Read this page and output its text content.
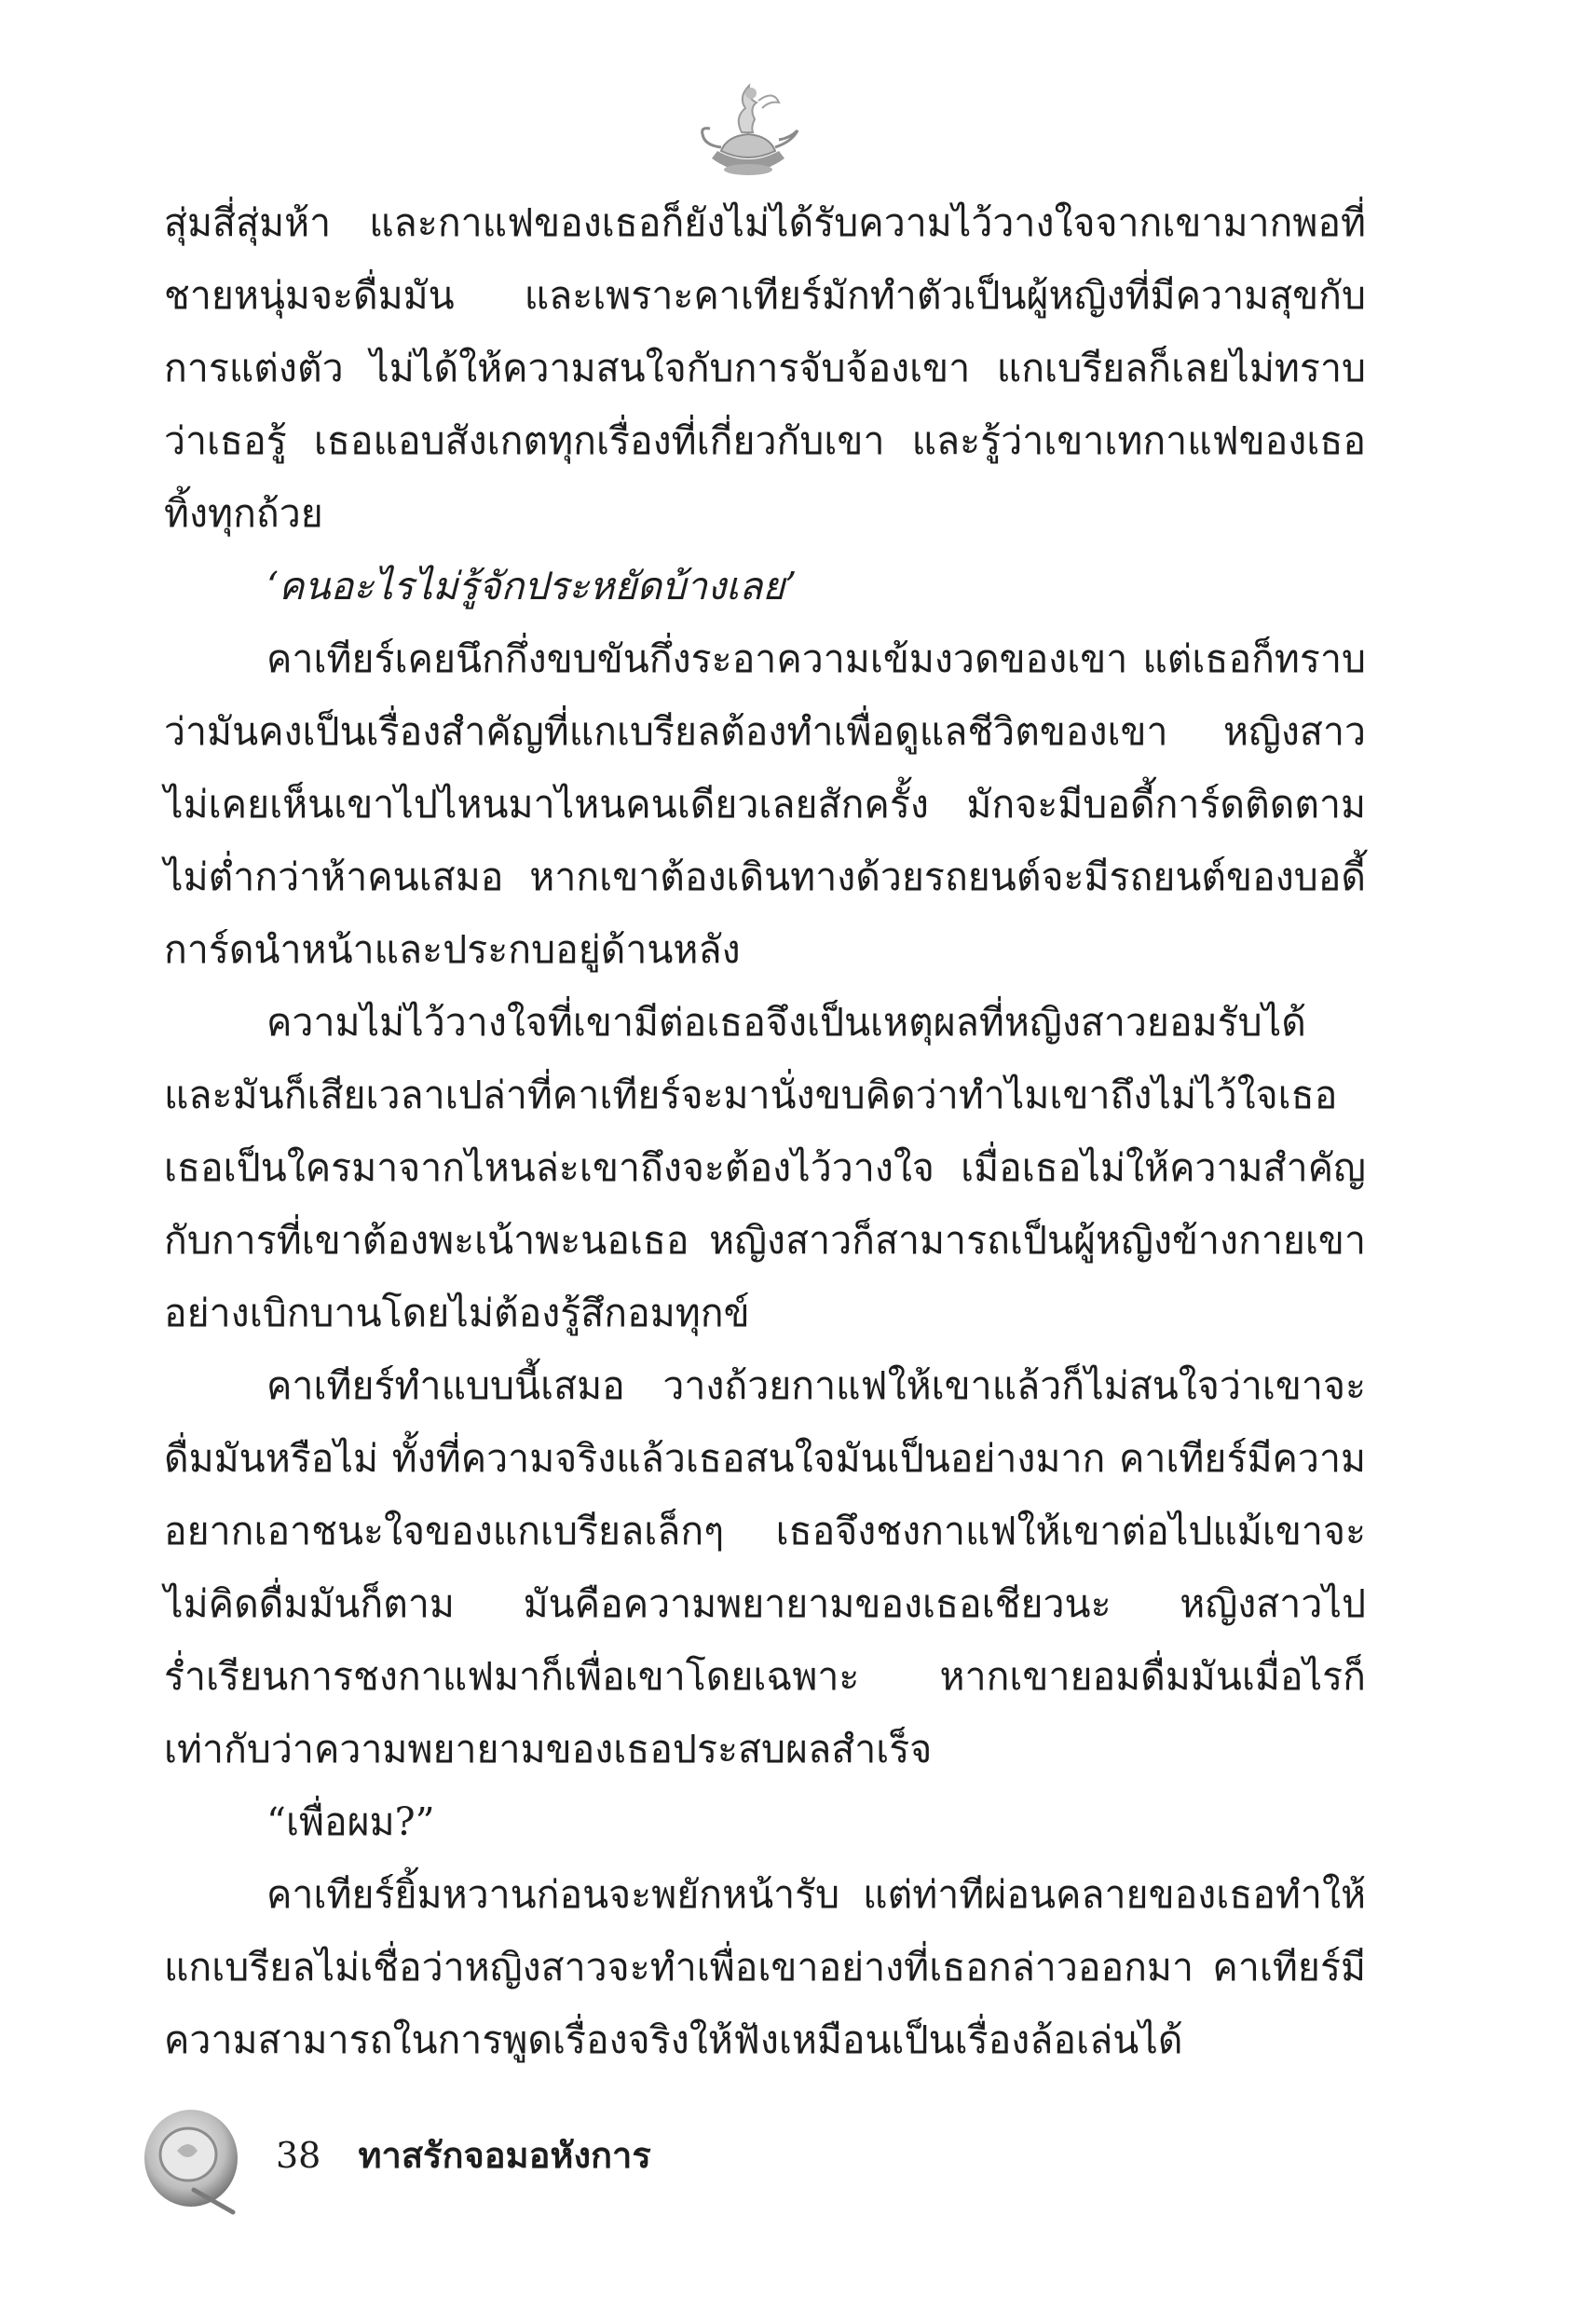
สุ่มสี่สุ่มห้า และกาแฟของเธอก็ยังไม่ได้รับความไว้วางใจจากเขามากพอที่ชายหนุ่มจะดื่มมัน และเพราะคาเทียร์มักทำตัวเป็นผู้หญิงที่มีความสุขกับการแต่งตัว ไม่ได้ให้ความสนใจกับการจับจ้องเขา แกเบรียลก็เลยไม่ทราบว่าเธอรู้ เธอแอบสังเกตทุกเรื่องที่เกี่ยวกับเขา และรู้ว่าเขาเทกาแฟของเธอทิ้งทุกถ้วย

‘คนอะไรไม่รู้จักประหยัดบ้างเลย’

คาเทียร์เคยนึกกึ่งขบขันกึ่งระอาความเข้มงวดของเขา แต่เธอก็ทราบว่ามันคงเป็นเรื่องสำคัญที่แกเบรียลต้องทำเพื่อดูแลชีวิตของเขา หญิงสาวไม่เคยเห็นเขาไปไหนมาไหนคนเดียวเลยสักครั้ง มักจะมีบอดี้การ์ดติดตามไม่ต่ำกว่าห้าคนเสมอ หากเขาต้องเดินทางด้วยรถยนต์จะมีรถยนต์ของบอดี้การ์ดนำหน้าและประกบอยู่ด้านหลัง

ความไม่ไว้วางใจที่เขามีต่อเธอจึงเป็นเหตุผลที่หญิงสาวยอมรับได้ และมันก็เสียเวลาเปล่าที่คาเทียร์จะมานั่งขบคิดว่าทำไมเขาถึงไม่ไว้ใจเธอ เธอเป็นใครมาจากไหนล่ะเขาถึงจะต้องไว้วางใจ เมื่อเธอไม่ให้ความสำคัญกับการที่เขาต้องพะเน้าพะนอเธอ หญิงสาวก็สามารถเป็นผู้หญิงข้างกายเขาอย่างเบิกบานโดยไม่ต้องรู้สึกอมทุกข์

คาเทียร์ทำแบบนี้เสมอ วางถ้วยกาแฟให้เขาแล้วก็ไม่สนใจว่าเขาจะดื่มมันหรือไม่ ทั้งที่ความจริงแล้วเธอสนใจมันเป็นอย่างมาก คาเทียร์มีความอยากเอาชนะใจของแกเบรียลเล็กๆ เธอจึงชงกาแฟให้เขาต่อไปแม้เขาจะไม่คิดดื่มมันก็ตาม มันคือความพยายามของเธอเชียวนะ หญิงสาวไปร่ำเรียนการชงกาแฟมาก็เพื่อเขาโดยเฉพาะ หากเขายอมดื่มมันเมื่อไรก็เท่ากับว่าความพยายามของเธอประสบผลสำเร็จ

“เพื่อผม?”

คาเทียร์ยิ้มหวานก่อนจะพยักหน้ารับ แต่ท่าทีผ่อนคลายของเธอทำให้แกเบรียลไม่เชื่อว่าหญิงสาวจะทำเพื่อเขาอย่างที่เธอกล่าวออกมา คาเทียร์มีความสามารถในการพูดเรื่องจริงให้ฟังเหมือนเป็นเรื่องล้อเล่นได้

38 ทาสรักจอมอหังการ
